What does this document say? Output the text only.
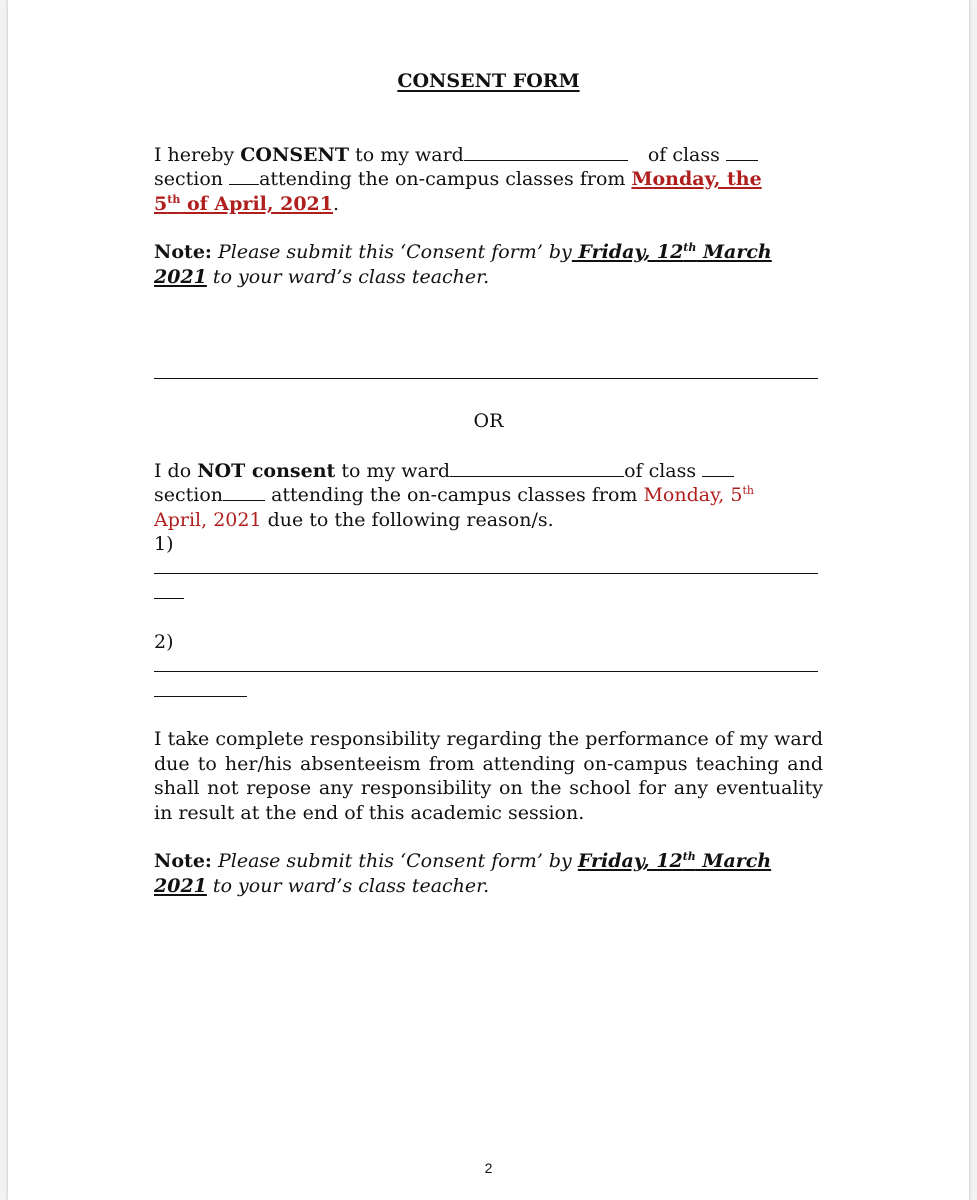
CONSENT FORM
I hereby CONSENT to my ward	of class
section attending the on-campus classes from Monday, the
5th of April, 2021.
Note: Please submit this ‘Consent form’ by Friday, 12th March
2021 to your ward’s class teacher.
OR
I do NOT consent to my ward	of class
section attending the on-campus classes from Monday, 5th
April, 2021 due to the following reason/s.
1)
2)
I take complete responsibility regarding the performance of my ward due to her/his absenteeism from attending on-campus teaching and shall not repose any responsibility on the school for any eventuality in result at the end of this academic session.
Note: Please submit this ‘Consent form’ by Friday, 12th March
2021 to your ward’s class teacher.
2
